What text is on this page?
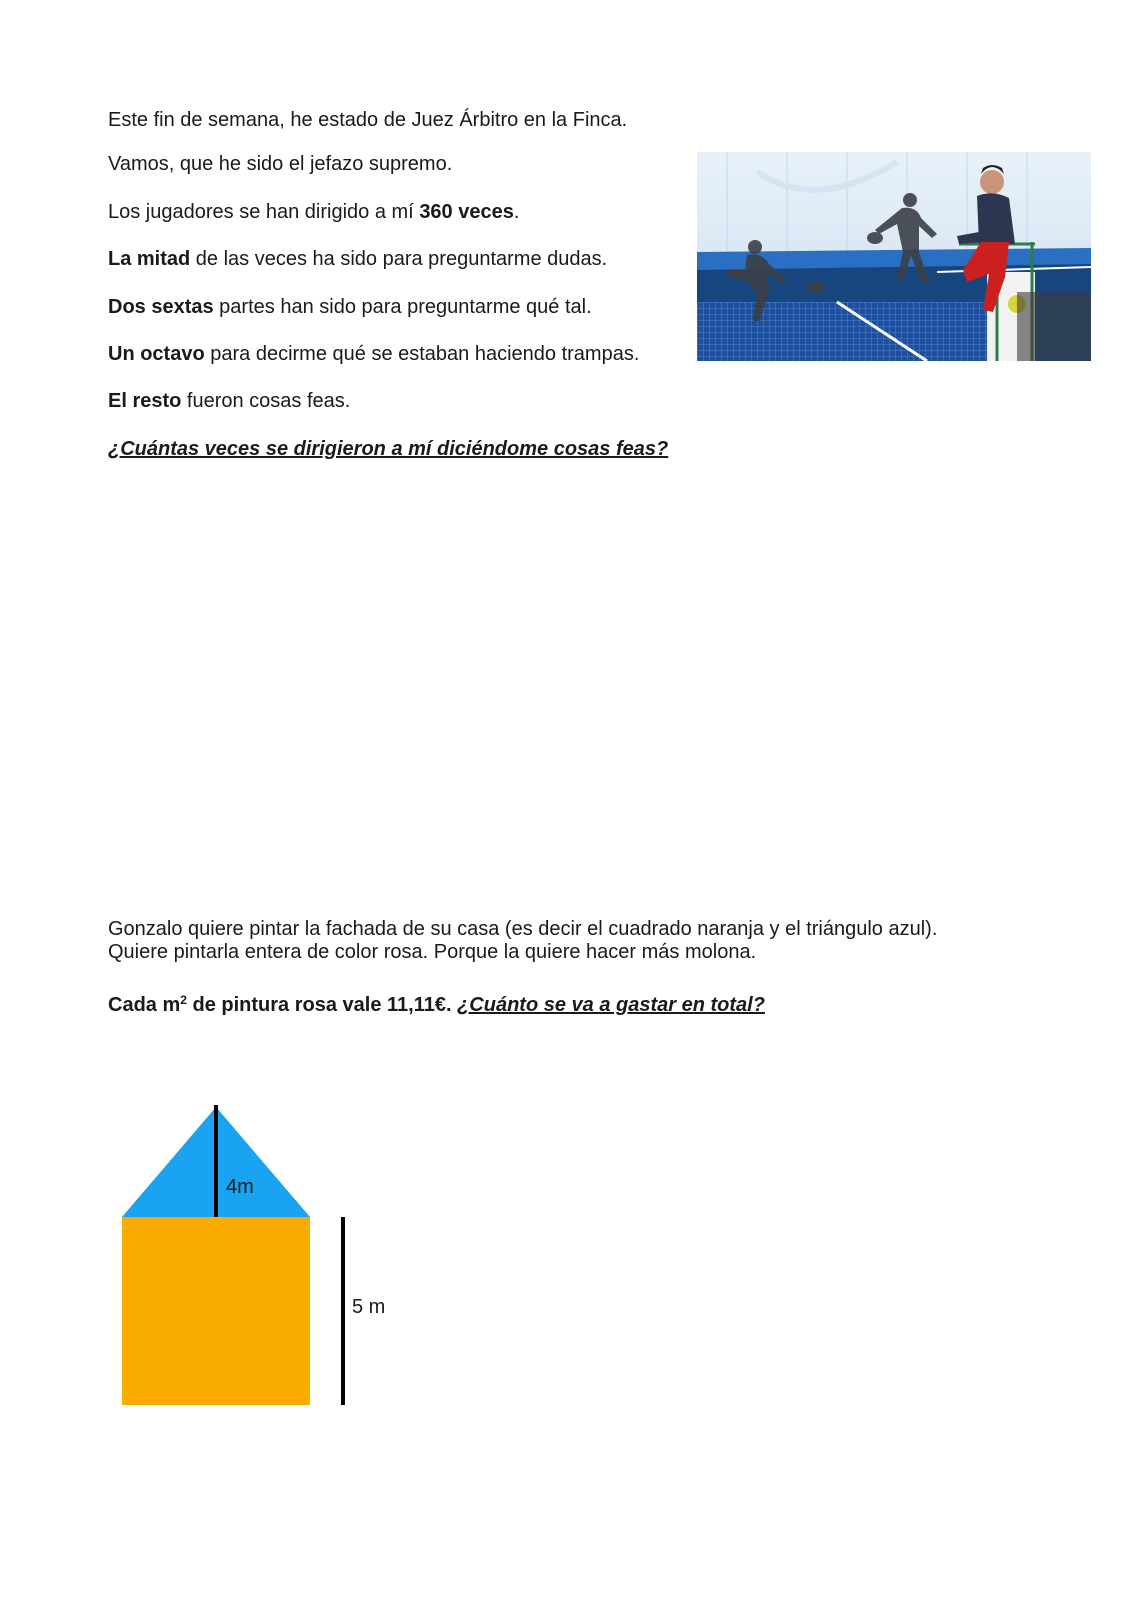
Este fin de semana, he estado de Juez Árbitro en la Finca.
Vamos, que he sido el jefazo supremo.
Los jugadores se han dirigido a mí 360 veces.
La mitad de las veces ha sido para preguntarme dudas.
Dos sextas partes han sido para preguntarme qué tal.
Un octavo para decirme qué se estaban haciendo trampas.
El resto fueron cosas feas.
¿Cuántas veces se dirigieron a mí diciéndome cosas feas?
Gonzalo quiere pintar la fachada de su casa (es decir el cuadrado naranja y el triángulo azul).
Quiere pintarla entera de color rosa. Porque la quiere hacer más molona.
Cada $m^2$ de pintura rosa vale 11,11€. ¿Cuánto se va a gastar en total?
4m
5 m
